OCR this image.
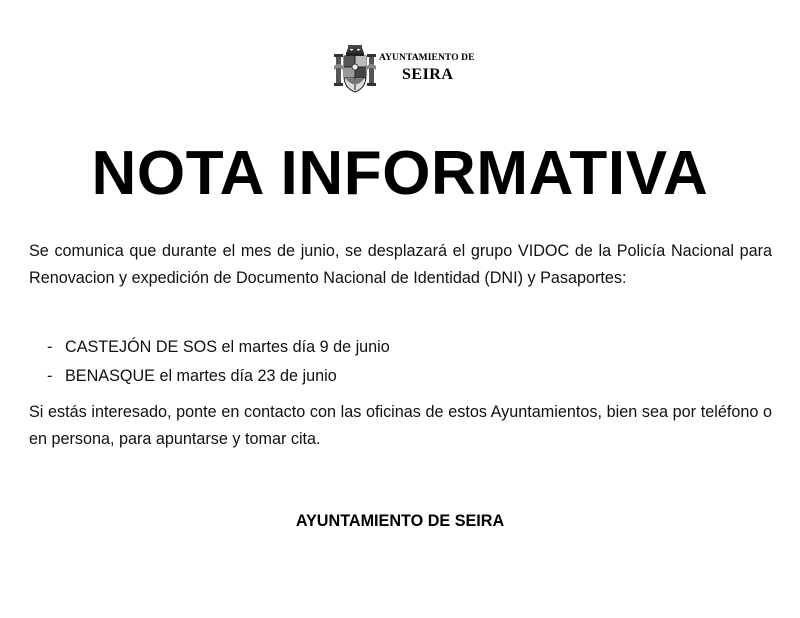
AYUNTAMIENTO DE
SEIRA
NOTA INFORMATIVA
Se comunica que durante el mes de junio, se desplazará el grupo VIDOC de la Policía Nacional para Renovacion y expedición de Documento Nacional de Identidad (DNI) y Pasaportes:
- CASTEJÓN DE SOS el martes día 9 de junio
- BENASQUE el martes día 23 de junio
Si estás interesado, ponte en contacto con las oficinas de estos Ayuntamientos, bien sea por teléfono o en persona, para apuntarse y tomar cita.
AYUNTAMIENTO DE SEIRA
